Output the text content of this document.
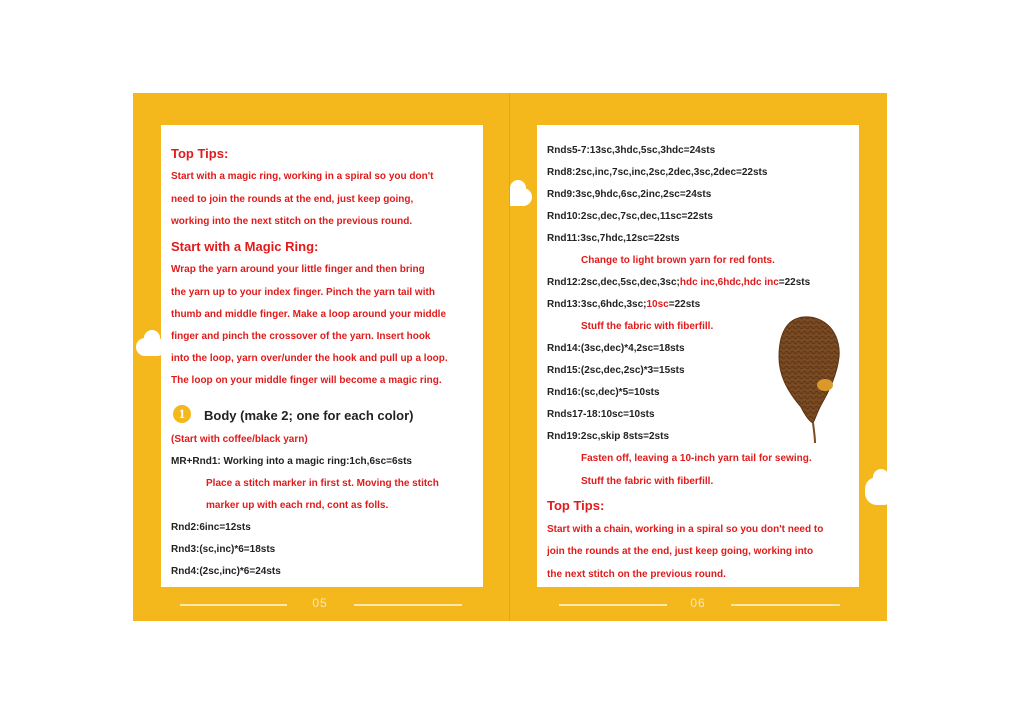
Top Tips:
Start with a magic ring, working in a spiral so you don't
need to join the rounds at the end, just keep going,
working into the next stitch on the previous round.
Start with a Magic Ring:
Wrap the yarn around your little finger and then bring
the yarn up to your index finger. Pinch the yarn tail with
thumb and middle finger. Make a loop around your middle
finger and pinch the crossover of the yarn. Insert hook
into the loop, yarn over/under the hook and pull up a loop.
The loop on your middle finger will become a magic ring.
1	Body (make 2; one for each color)
(Start with coffee/black yarn)
MR+Rnd1: Working into a magic ring:1ch,6sc=6sts
Place a stitch marker in first st. Moving the stitch
marker up with each rnd, cont as folls.
Rnd2:6inc=12sts
Rnd3:(sc,inc)*6=18sts
Rnd4:(2sc,inc)*6=24sts
05
Rnds5-7:13sc,3hdc,5sc,3hdc=24sts
Rnd8:2sc,inc,7sc,inc,2sc,2dec,3sc,2dec=22sts
Rnd9:3sc,9hdc,6sc,2inc,2sc=24sts
Rnd10:2sc,dec,7sc,dec,11sc=22sts
Rnd11:3sc,7hdc,12sc=22sts
Change to light brown yarn for red fonts.
Rnd12:2sc,dec,5sc,dec,3sc;hdc inc,6hdc,hdc inc=22sts
Rnd13:3sc,6hdc,3sc;10sc=22sts
Stuff the fabric with fiberfill.
Rnd14:(3sc,dec)*4,2sc=18sts
Rnd15:(2sc,dec,2sc)*3=15sts
Rnd16:(sc,dec)*5=10sts
Rnds17-18:10sc=10sts
Rnd19:2sc,skip 8sts=2sts
Fasten off, leaving a 10-inch yarn tail for sewing.
Stuff the fabric with fiberfill.
Top Tips:
Start with a chain, working in a spiral so you don't need to
join the rounds at the end, just keep going, working into
the next stitch on the previous round.
06
